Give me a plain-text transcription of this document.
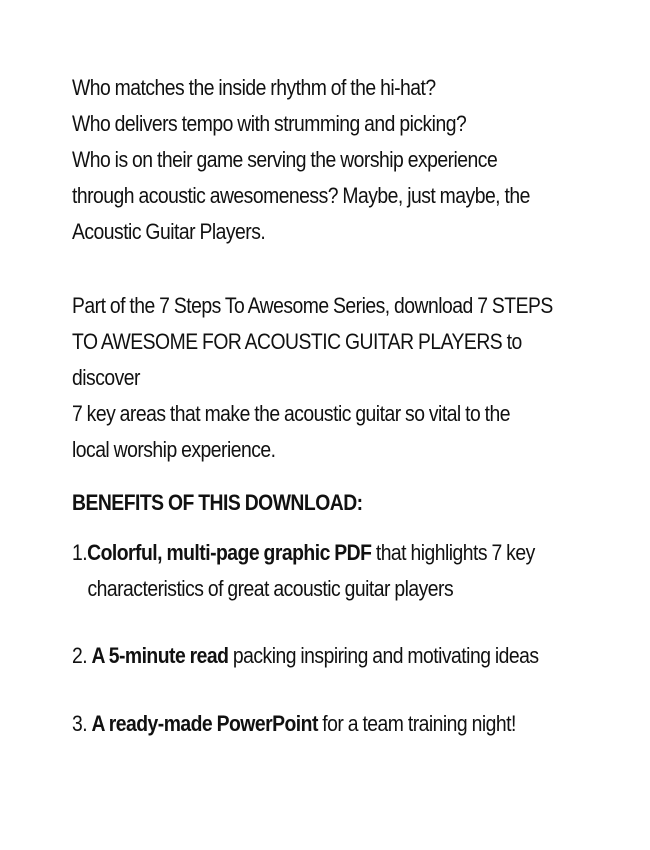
Who matches the inside rhythm of the hi-hat?
Who delivers tempo with strumming and picking?
Who is on their game serving the worship experience
through acoustic awesomeness? Maybe, just maybe, the
Acoustic Guitar Players.
Part of the 7 Steps To Awesome Series, download 7 STEPS
TO AWESOME FOR ACOUSTIC GUITAR PLAYERS to discover
7 key areas that make the acoustic guitar so vital to the
local worship experience.
BENEFITS OF THIS DOWNLOAD:
1.Colorful, multi-page graphic PDF that highlights 7 key
characteristics of great acoustic guitar players
2. A 5-minute read packing inspiring and motivating ideas
3. A ready-made PowerPoint for a team training night!
